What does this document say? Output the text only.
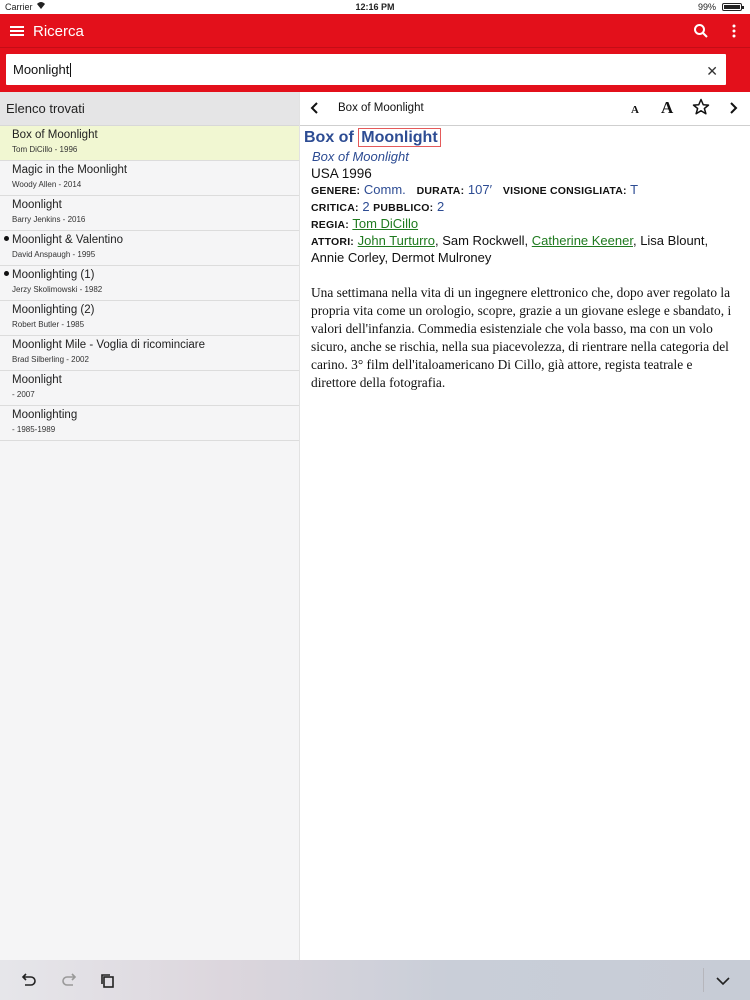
Carrier	12:16 PM	99%
Ricerca
Moonlight	✕
Elenco trovati
Box of Moonlight
Tom DiCillo - 1996
Magic in the Moonlight
Woody Allen - 2014
Moonlight
Barry Jenkins - 2016
Moonlight & Valentino
David Anspaugh - 1995
Moonlighting (1)
Jerzy Skolimowski - 1982
Moonlighting (2)
Robert Butler - 1985
Moonlight Mile - Voglia di ricominciare
Brad Silberling - 2002
Moonlight
- 2007
Moonlighting
- 1985-1989
Box of Moonlight	A A
Box of Moonlight
Box of Moonlight
USA 1996
GENERE: Comm. DURATA: 107′ VISIONE CONSIGLIATA: T
CRITICA: 2 PUBBLICO: 2
REGIA: Tom DiCillo
ATTORI: John Turturro, Sam Rockwell, Catherine Keener, Lisa Blount, Annie Corley, Dermot Mulroney
Una settimana nella vita di un ingegnere elettronico che, dopo aver regolato la propria vita come un orologio, scopre, grazie a un giovane eslege e sbandato, i valori dell'infanzia. Commedia esistenziale che vola basso, ma con un volo sicuro, anche se rischia, nella sua piacevolezza, di rientrare nella categoria del carino. 3° film dell'italoamericano Di Cillo, già attore, regista teatrale e direttore della fotografia.
